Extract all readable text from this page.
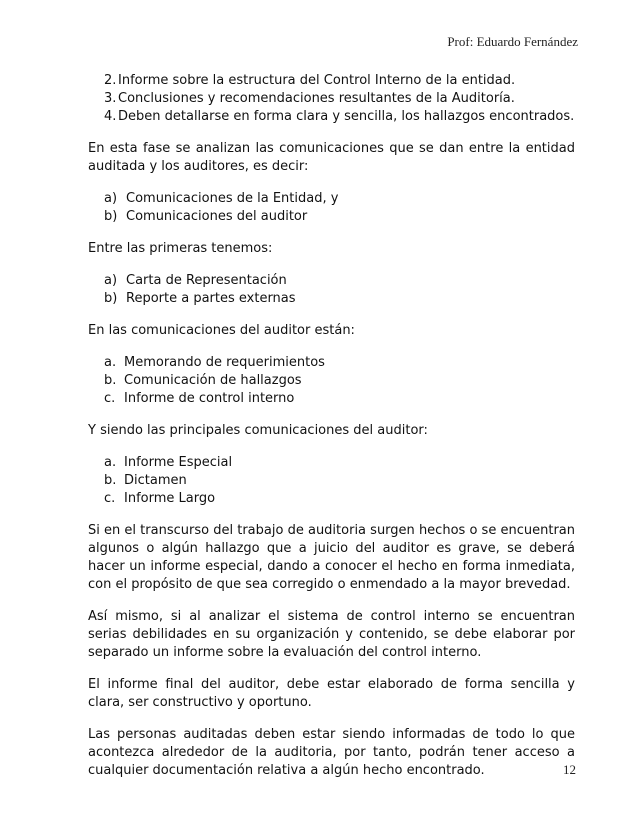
Prof: Eduardo Fernández
2. Informe sobre la estructura del Control Interno de la entidad.
3. Conclusiones y recomendaciones resultantes de la Auditoría.
4. Deben detallarse en forma clara y sencilla, los hallazgos encontrados.

En esta fase se analizan las comunicaciones que se dan entre la entidad auditada y los auditores, es decir:

a) Comunicaciones de la Entidad, y
b) Comunicaciones del auditor

Entre las primeras tenemos:

a) Carta de Representación
b) Reporte a partes externas

En las comunicaciones del auditor están:

a. Memorando de requerimientos
b. Comunicación de hallazgos
c. Informe de control interno

Y siendo las principales comunicaciones del auditor:

a. Informe Especial
b. Dictamen
c. Informe Largo

Si en el transcurso del trabajo de auditoria surgen hechos o se encuentran algunos o algún hallazgo que a juicio del auditor es grave, se deberá hacer un informe especial, dando a conocer el hecho en forma inmediata, con el propósito de que sea corregido o enmendado a la mayor brevedad.

Así mismo, si al analizar el sistema de control interno se encuentran serias debilidades en su organización y contenido, se debe elaborar por separado un informe sobre la evaluación del control interno.

El informe final del auditor, debe estar elaborado de forma sencilla y clara, ser constructivo y oportuno.

Las personas auditadas deben estar siendo informadas de todo lo que acontezca alrededor de la auditoria, por tanto, podrán tener acceso a cualquier documentación relativa a algún hecho encontrado.	12
